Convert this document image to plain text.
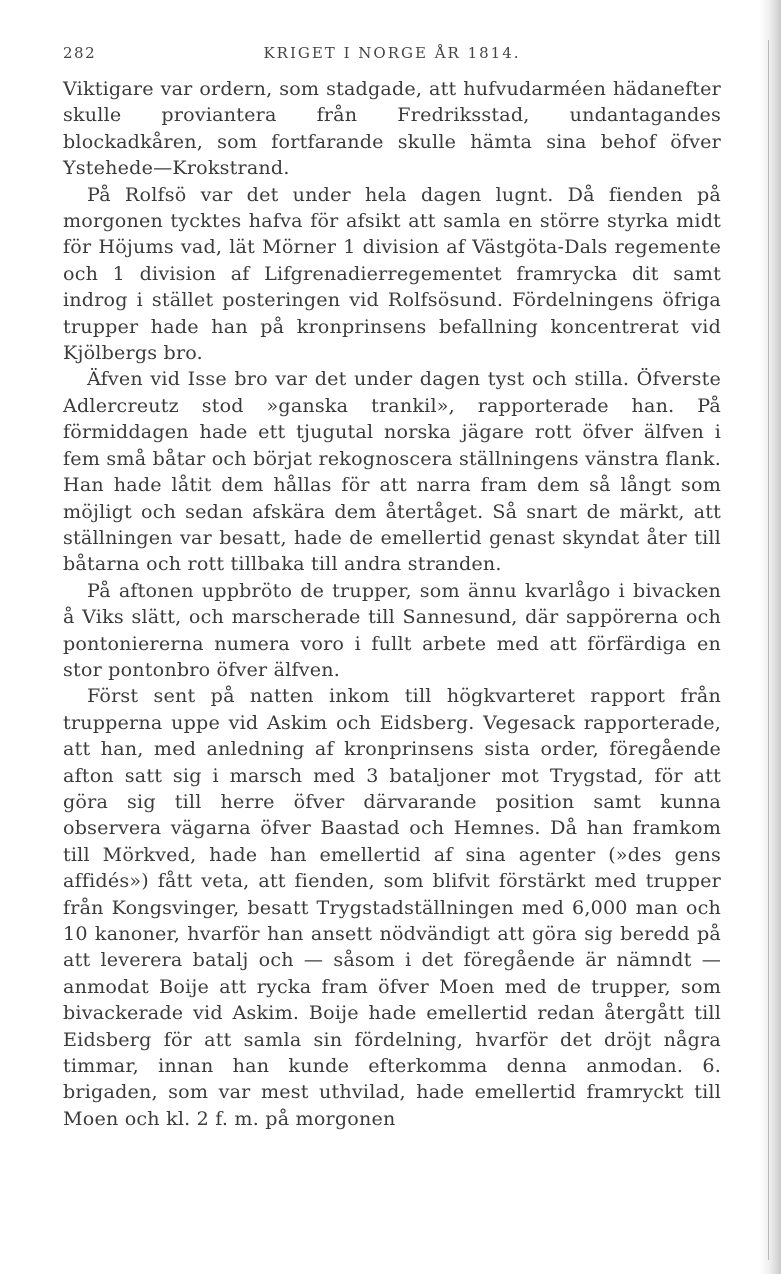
282	KRIGET I NORGE ÅR 1814.

Viktigare var ordern, som stadgade, att hufvudarméen hädanefter skulle proviantera från Fredriksstad, undantagandes blockadkåren, som fortfarande skulle hämta sina behof öfver Ystehede—Krokstrand.

På Rolfsö var det under hela dagen lugnt. Då fienden på morgonen tycktes hafva för afsikt att samla en större styrka midt för Höjums vad, lät Mörner 1 division af Västgöta-Dals regemente och 1 division af Lifgrenadierregementet framrycka dit samt indrog i stället posteringen vid Rolfsösund. Fördelningens öfriga trupper hade han på kronprinsens befallning koncentrerat vid Kjölbergs bro.

Äfven vid Isse bro var det under dagen tyst och stilla. Öfverste Adlercreutz stod »ganska trankil», rapporterade han. På förmiddagen hade ett tjugutal norska jägare rott öfver älfven i fem små båtar och börjat rekognoscera ställningens vänstra flank. Han hade låtit dem hållas för att narra fram dem så långt som möjligt och sedan afskära dem återtåget. Så snart de märkt, att ställningen var besatt, hade de emellertid genast skyndat åter till båtarna och rott tillbaka till andra stranden.

På aftonen uppbröto de trupper, som ännu kvarlågo i bivacken å Viks slätt, och marscherade till Sannesund, där sappörerna och pontoniererna numera voro i fullt arbete med att förfärdiga en stor pontonbro öfver älfven.

Först sent på natten inkom till högkvarteret rapport från trupperna uppe vid Askim och Eidsberg. Vegesack rapporterade, att han, med anledning af kronprinsens sista order, föregående afton satt sig i marsch med 3 bataljoner mot Trygstad, för att göra sig till herre öfver därvarande position samt kunna observera vägarna öfver Baastad och Hemnes. Då han framkom till Mörkved, hade han emellertid af sina agenter (»des gens affidés») fått veta, att fienden, som blifvit förstärkt med trupper från Kongsvinger, besatt Trygstadställningen med 6,000 man och 10 kanoner, hvarför han ansett nödvändigt att göra sig beredd på att leverera batalj och — såsom i det föregående är nämndt — anmodat Boije att rycka fram öfver Moen med de trupper, som bivackerade vid Askim. Boije hade emellertid redan återgått till Eidsberg för att samla sin fördelning, hvarför det dröjt några timmar, innan han kunde efterkomma denna anmodan. 6. brigaden, som var mest uthvilad, hade emellertid framryckt till Moen och kl. 2 f. m. på morgonen
